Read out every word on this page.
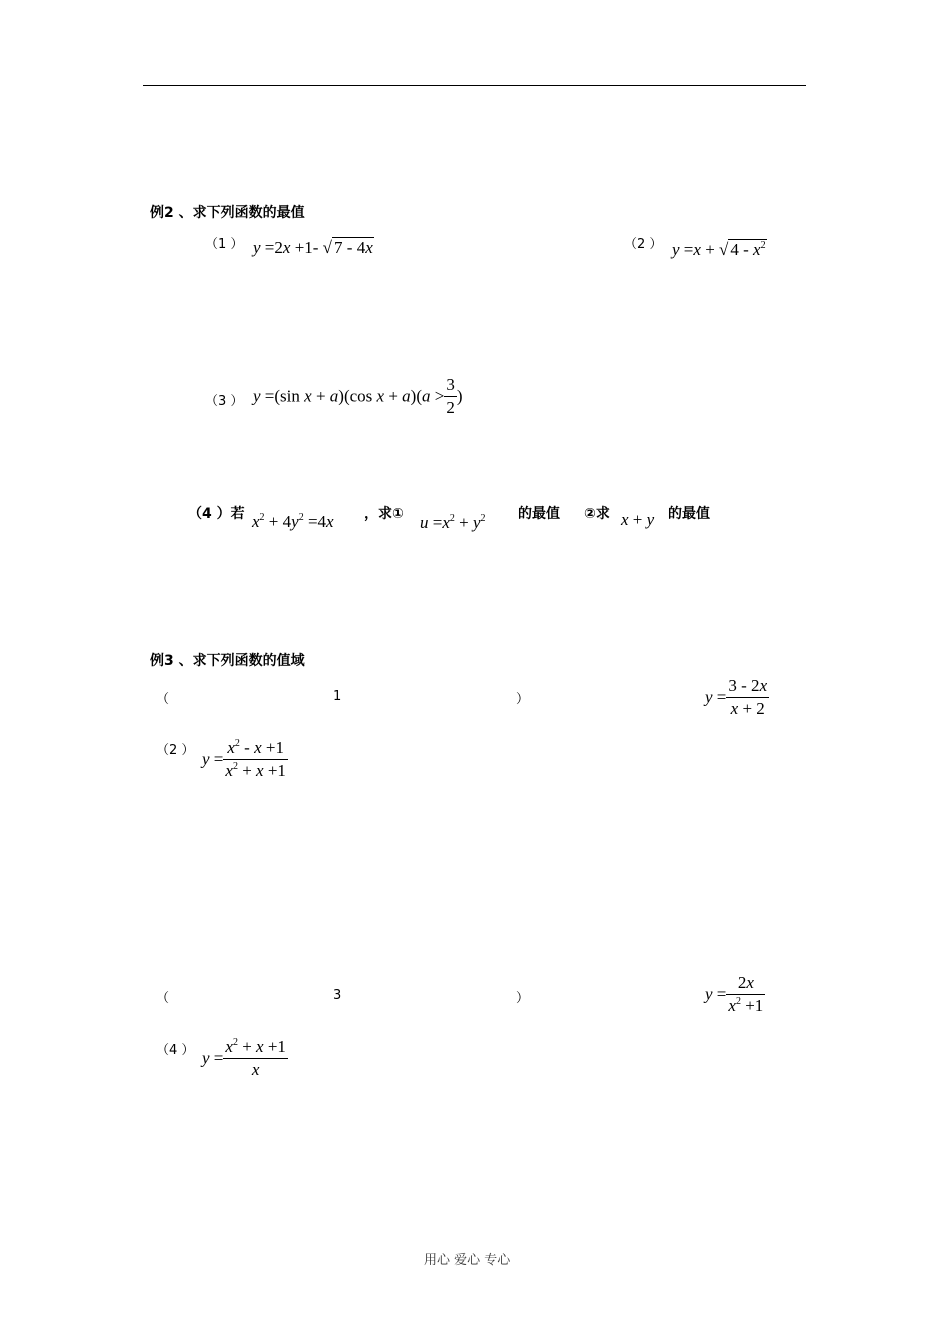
例2 、求下列函数的最值
（1 ） y =2x +1- √ 7 - 4x	（2 ） y =x + √ $4 - x^2$
（3 ） y =(sin x + a)(cos $x + a)(a > \frac{3}{2}$ )
（4 ）若 $x^2 + 4y^2 =4x$ ，求① $u =x^2 + y^2$ 的最值 ②求 x + y 的最值
例3 、求下列函数的值域
（	1	）	$y = \frac{3 - 2x}{x + 2}$
（2 ） $y = \frac{x^2 - x +1}{x^2 + x +1}$
（	3	）	$y = \frac{2x}{x^2 +1}$
（4 ） $y = \frac{x^2 + x +1}{x}$
用心 爱心 专心
